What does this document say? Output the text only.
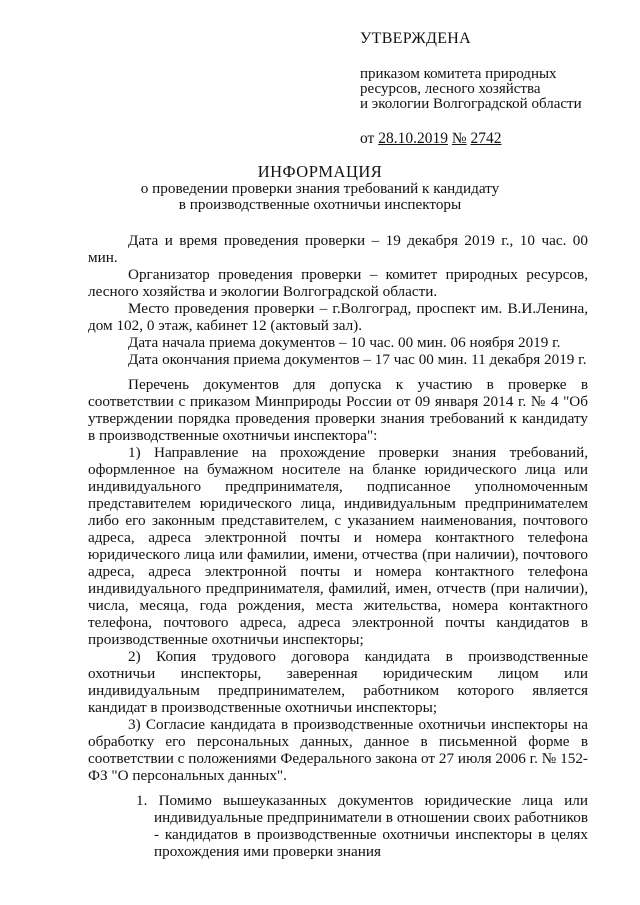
УТВЕРЖДЕНА
приказом комитета природных
ресурсов, лесного хозяйства
и экологии Волгоградской области
от 28.10.2019 № 2742
ИНФОРМАЦИЯ
о проведении проверки знания требований к кандидату
в производственные охотничьи инспекторы

Дата и время проведения проверки – 19 декабря 2019 г., 10 час. 00 мин.

Организатор проведения проверки – комитет природных ресурсов, лесного хозяйства и экологии Волгоградской области.

Место проведения проверки – г.Волгоград, проспект им. В.И.Ленина, дом 102, 0 этаж, кабинет 12 (актовый зал).

Дата начала приема документов – 10 час. 00 мин. 06 ноября 2019 г.

Дата окончания приема документов – 17 час 00 мин. 11 декабря 2019 г.

Перечень документов для допуска к участию в проверке в соответствии с приказом Минприроды России от 09 января 2014 г. № 4 "Об утверждении порядка проведения проверки знания требований к кандидату в производственные охотничьи инспектора":

1) Направление на прохождение проверки знания требований, оформленное на бумажном носителе на бланке юридического лица или индивидуального предпринимателя, подписанное уполномоченным представителем юридического лица, индивидуальным предпринимателем либо его законным представителем, с указанием наименования, почтового адреса, адреса электронной почты и номера контактного телефона юридического лица или фамилии, имени, отчества (при наличии), почтового адреса, адреса электронной почты и номера контактного телефона индивидуального предпринимателя, фамилий, имен, отчеств (при наличии), числа, месяца, года рождения, места жительства, номера контактного телефона, почтового адреса, адреса электронной почты кандидатов в производственные охотничьи инспекторы;

2) Копия трудового договора кандидата в производственные охотничьи инспекторы, заверенная юридическим лицом или индивидуальным предпринимателем, работником которого является кандидат в производственные охотничьи инспекторы;

3) Согласие кандидата в производственные охотничьи инспекторы на обработку его персональных данных, данное в письменной форме в соответствии с положениями Федерального закона от 27 июля 2006 г. № 152-ФЗ "О персональных данных".

1. Помимо вышеуказанных документов юридические лица или индивидуальные предприниматели в отношении своих работников - кандидатов в производственные охотничьи инспекторы в целях прохождения ими проверки знания
